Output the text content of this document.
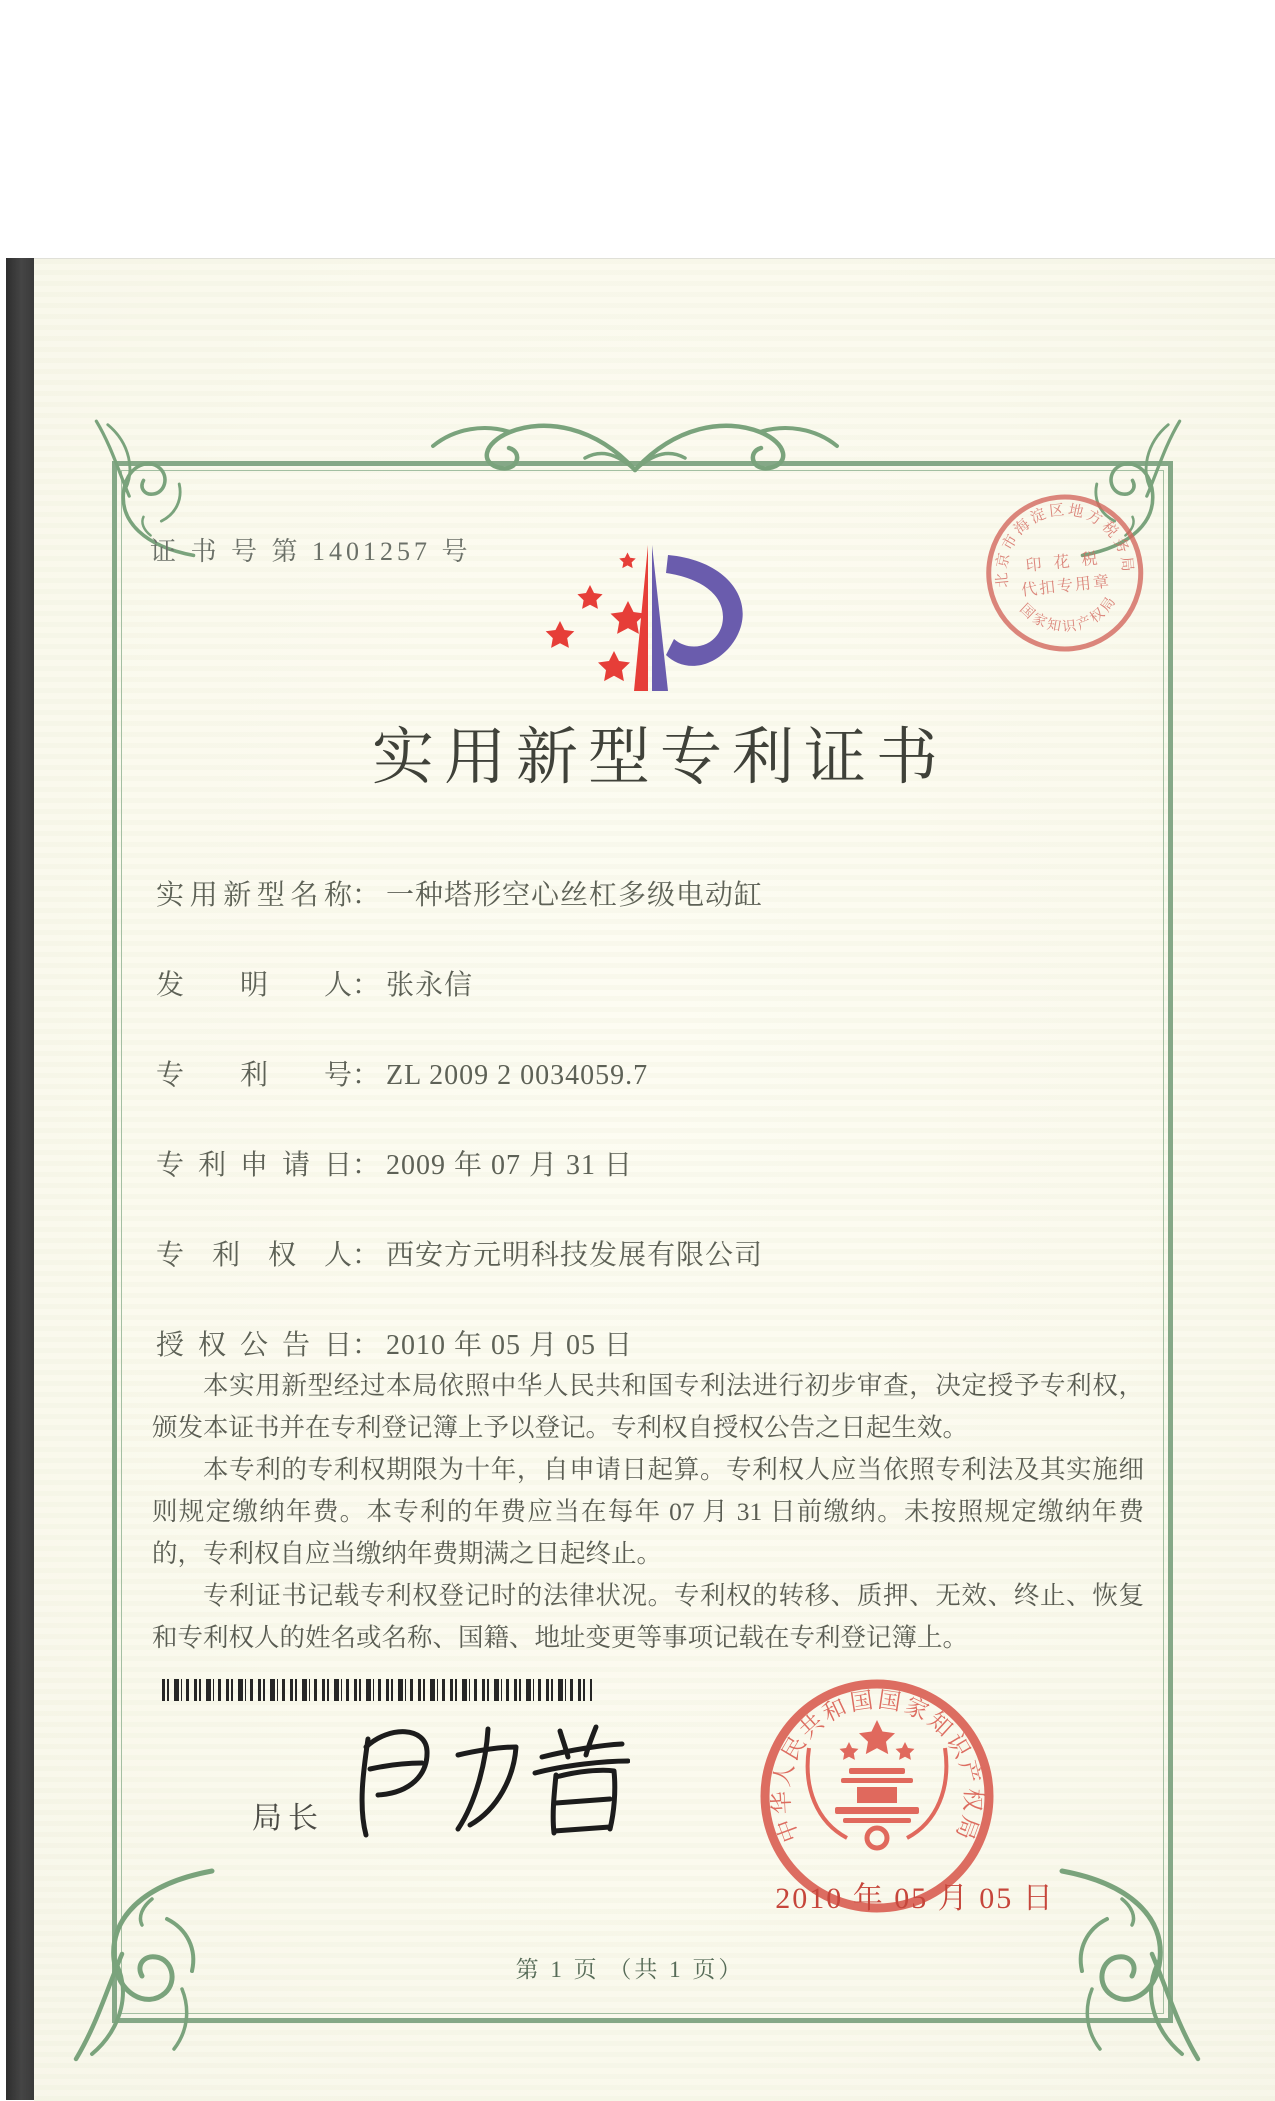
证 书 号 第 1401257 号
实用新型专利证书
实用新型名称： 一种塔形空心丝杠多级电动缸
发明人： 张永信
专利号： ZL 2009 2 0034059.7
专利申请日： 2009 年 07 月 31 日
专利权人： 西安方元明科技发展有限公司
授权公告日： 2010 年 05 月 05 日

本实用新型经过本局依照中华人民共和国专利法进行初步审查，决定授予专利权，颁发本证书并在专利登记簿上予以登记。专利权自授权公告之日起生效。

本专利的专利权期限为十年，自申请日起算。专利权人应当依照专利法及其实施细则规定缴纳年费。本专利的年费应当在每年 07 月 31 日前缴纳。未按照规定缴纳年费的，专利权自应当缴纳年费期满之日起终止。

专利证书记载专利权登记时的法律状况。专利权的转移、质押、无效、终止、恢复和专利权人的姓名或名称、国籍、地址变更等事项记载在专利登记簿上。

局长	中华人民共和国国家知识产权局
2010 年 05 月 05 日
北京市海淀区地方税务局
国家知识产权局
印 花 税
代扣专用章
第 1 页 （共 1 页）
